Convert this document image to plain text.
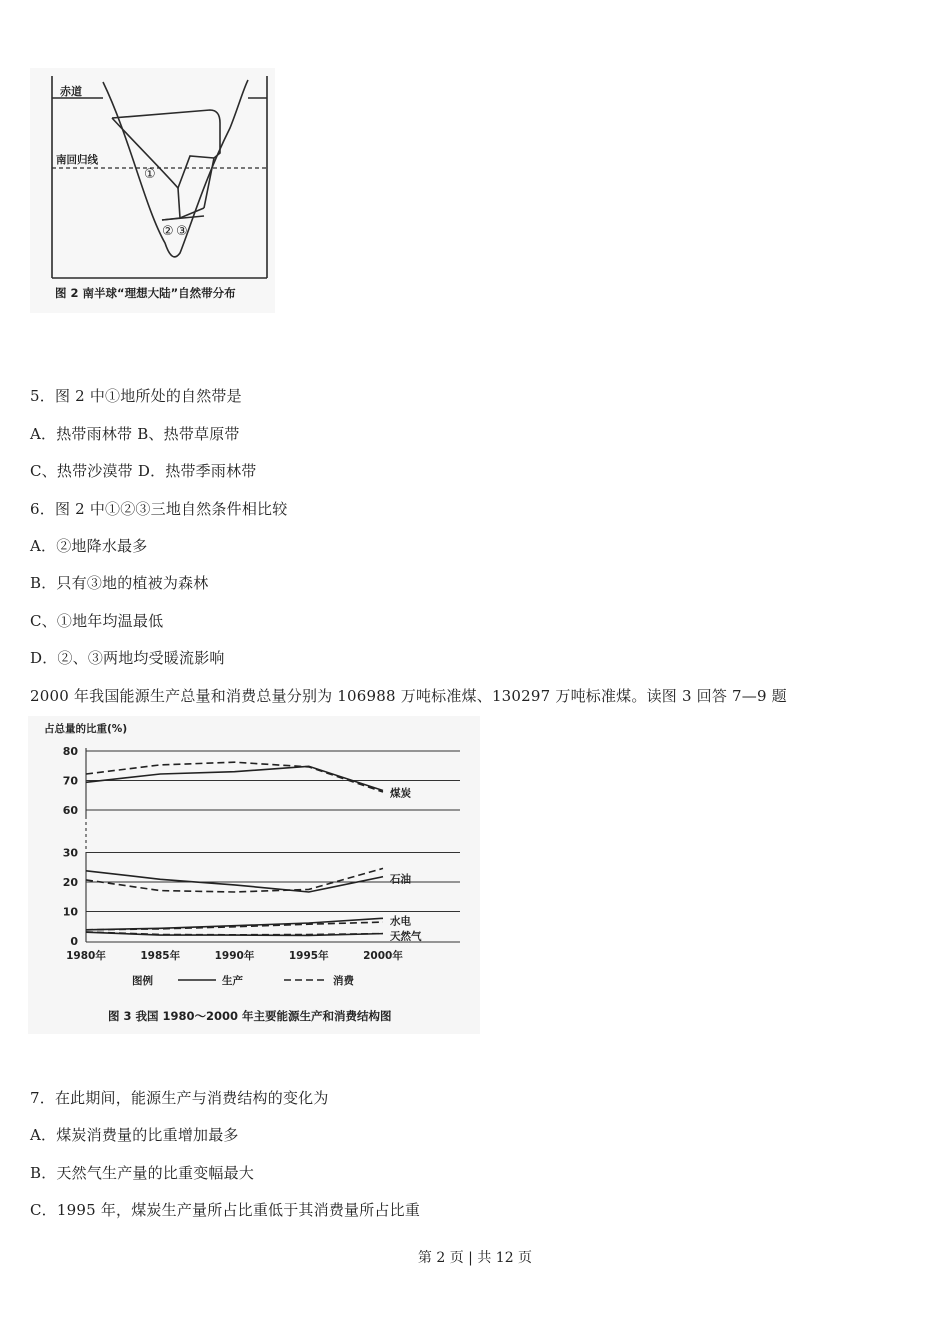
赤道
南回归线
①
② ③
图 2 南半球“理想大陆”自然带分布
5．图 2 中①地所处的自然带是
A．热带雨林带 B、热带草原带
C、热带沙漠带 D．热带季雨林带
6．图 2 中①②③三地自然条件相比较
A．②地降水最多
B．只有③地的植被为森林
C、①地年均温最低
D．②、③两地均受暖流影响
2000 年我国能源生产总量和消费总量分别为 106988 万吨标准煤、130297 万吨标准煤。读图 3 回答 7—9 题
80
70
60
30
20
10
0
占总量的比重(%)
1980年	1985年	1990年	1995年	2000年
煤炭
石油
水电
天然气
图例	生产	消费
图 3 我国 1980～2000 年主要能源生产和消费结构图
7．在此期间，能源生产与消费结构的变化为
A．煤炭消费量的比重增加最多
B．天然气生产量的比重变幅最大
C．1995 年，煤炭生产量所占比重低于其消费量所占比重
第 2 页 | 共 12 页
